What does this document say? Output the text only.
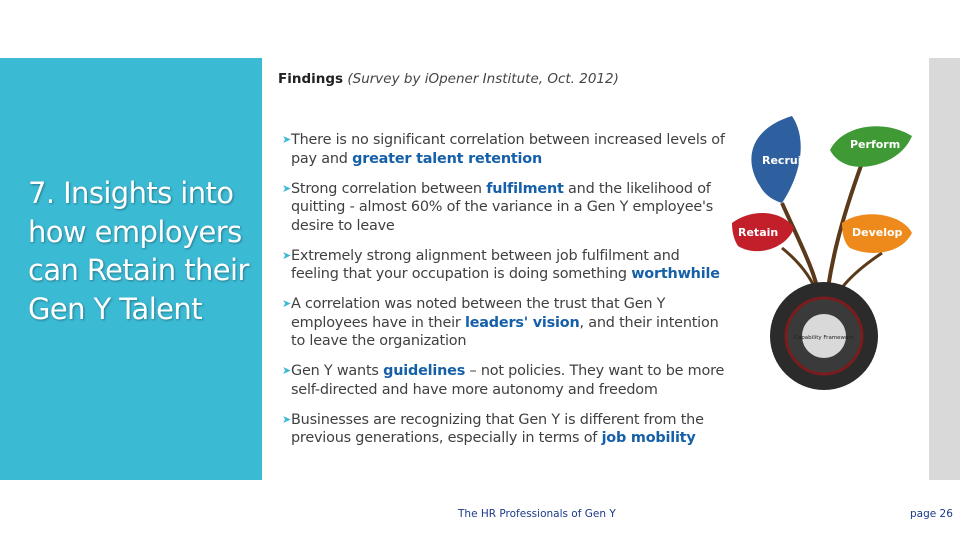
7. Insights into how employers can Retain their Gen Y Talent
Findings (Survey by iOpener Institute, Oct. 2012)
➤ There is no significant correlation between increased levels of pay and greater talent retention
➤ Strong correlation between fulfilment and the likelihood of quitting - almost 60% of the variance in a Gen Y employee's desire to leave
➤ Extremely strong alignment between job fulfilment and feeling that your occupation is doing something worthwhile
➤ A correlation was noted between the trust that Gen Y employees have in their leaders' vision, and their intention to leave the organization
➤ Gen Y wants guidelines – not policies. They want to be more self-directed and have more autonomy and freedom
➤ Businesses are recognizing that Gen Y is different from the previous generations, especially in terms of job mobility
Recruit
Perform
Retain	Develop
Capability Framework
The HR Professionals of Gen Y	page 26
